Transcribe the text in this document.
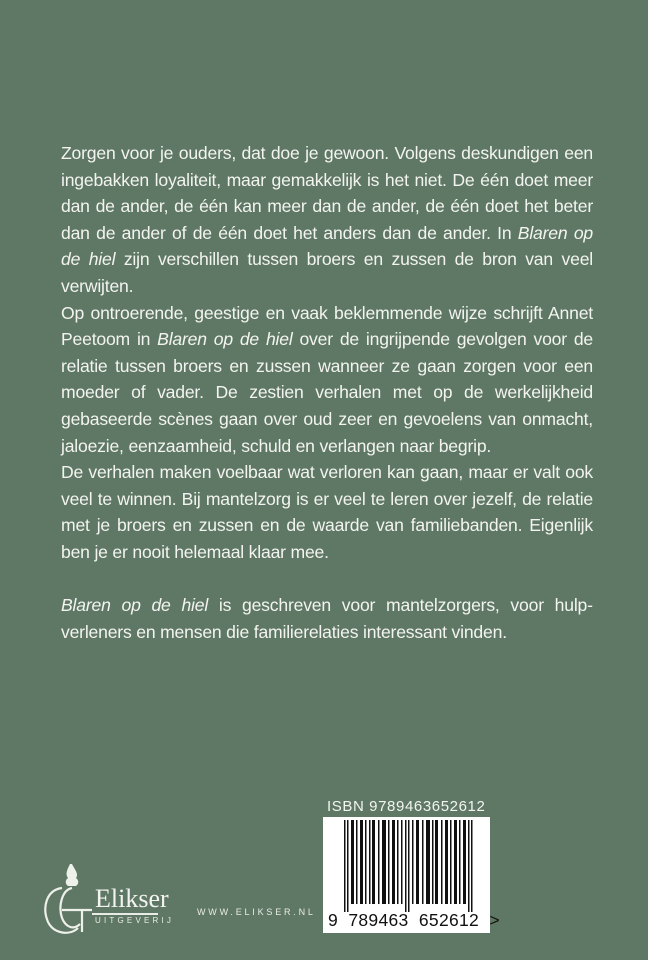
Zorgen voor je ouders, dat doe je gewoon. Volgens deskundigen een ingebakken loyaliteit, maar gemakkelijk is het niet. De één doet meer dan de ander, de één kan meer dan de ander, de één doet het beter dan de ander of de één doet het anders dan de ander. In Blaren op de hiel zijn verschillen tussen broers en zussen de bron van veel verwijten.

Op ontroerende, geestige en vaak beklemmende wijze schrijft Annet Peetoom in Blaren op de hiel over de ingrijpende gevolgen voor de relatie tussen broers en zussen wanneer ze gaan zorgen voor een moeder of vader. De zestien verhalen met op de werkelijkheid gebaseerde scènes gaan over oud zeer en gevoelens van onmacht, jaloezie, eenzaamheid, schuld en verlangen naar begrip.

De verhalen maken voelbaar wat verloren kan gaan, maar er valt ook veel te winnen. Bij mantelzorg is er veel te leren over jezelf, de relatie met je broers en zussen en de waarde van familiebanden. Eigenlijk ben je er nooit helemaal klaar mee.

Blaren op de hiel is geschreven voor mantelzorgers, voor hulpverleners en mensen die familierelaties interessant vinden.

ISBN 9789463652612
9  789463  652612  >
Elikser
UITGEVERIJ
WWW.ELIKSER.NL
